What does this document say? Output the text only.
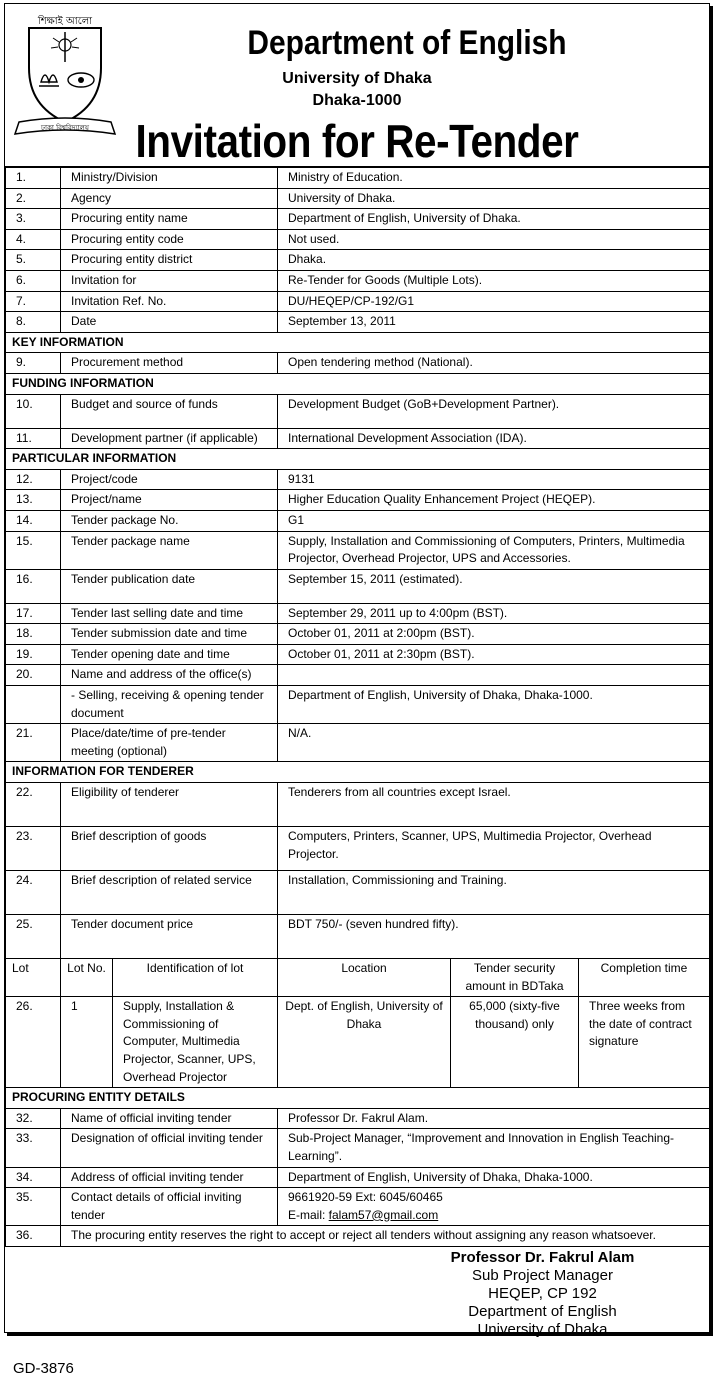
শিক্ষাই আলো
ঢাকা বিশ্ববিদ্যালয়
Department of English
University of Dhaka
Dhaka-1000
Invitation for Re-Tender
1.	Ministry/Division		Ministry of Education.		
2.	Agency		University of Dhaka.		
3.	Procuring entity name		Department of English, University of Dhaka.		
4.	Procuring entity code		Not used.		
5.	Procuring entity district		Dhaka.		
6.	Invitation for		Re-Tender for Goods (Multiple Lots).		
7.	Invitation Ref. No.		DU/HEQEP/CP-192/G1		
8.	Date		September 13, 2011		
KEY INFORMATION					
9.	Procurement method		Open tendering method (National).		
FUNDING INFORMATION					
10.	Budget and source of funds		Development Budget (GoB+Development Partner).		
11.	Development partner (if applicable)		International Development Association (IDA).		
PARTICULAR INFORMATION					
12.	Project/code		9131		
13.	Project/name		Higher Education Quality Enhancement Project (HEQEP).		
14.	Tender package No.		G1		
15.	Tender package name		Supply, Installation and Commissioning of Computers, Printers, Multimedia Projector, Overhead Projector, UPS and Accessories.		
16.	Tender publication date		September 15, 2011 (estimated).		
17.	Tender last selling date and time		September 29, 2011 up to 4:00pm (BST).		
18.	Tender submission date and time		October 01, 2011 at 2:00pm (BST).		
19.	Tender opening date and time		October 01, 2011 at 2:30pm (BST).		
20.	Name and address of the office(s)				
	- Selling, receiving & opening tender document		Department of English, University of Dhaka, Dhaka-1000.		
21.	Place/date/time of pre-tender meeting (optional)		N/A.		
INFORMATION FOR TENDERER					
22.	Eligibility of tenderer		Tenderers from all countries except Israel.		
23.	Brief description of goods		Computers, Printers, Scanner, UPS, Multimedia Projector, Overhead Projector.		
24.	Brief description of related service		Installation, Commissioning and Training.		
25.	Tender document price		BDT 750/- (seven hundred fifty).		
Lot	Lot No.	Identification of lot	Location	Tender security amount in BDTaka	Completion time
26.	1	Supply, Installation & Commissioning of Computer, Multimedia Projector, Scanner, UPS, Overhead Projector	Dept. of English, University of Dhaka	65,000 (sixty-five thousand) only	Three weeks from the date of contract signature
PROCURING ENTITY DETAILS					
32.	Name of official inviting tender		Professor Dr. Fakrul Alam.		
33.	Designation of official inviting tender		Sub-Project Manager, “Improvement and Innovation in English Teaching-Learning”.		
34.	Address of official inviting tender		Department of English, University of Dhaka, Dhaka-1000.		
35.	Contact details of official inviting tender		9661920-59 Ext: 6045/60465
E-mail: falam57@gmail.com		

36.	The procuring entity reserves the right to accept or reject all tenders without assigning any reason whatsoever.				
Professor Dr. Fakrul Alam
Sub Project Manager
HEQEP, CP 192
Department of English
University of Dhaka
GD-3876
